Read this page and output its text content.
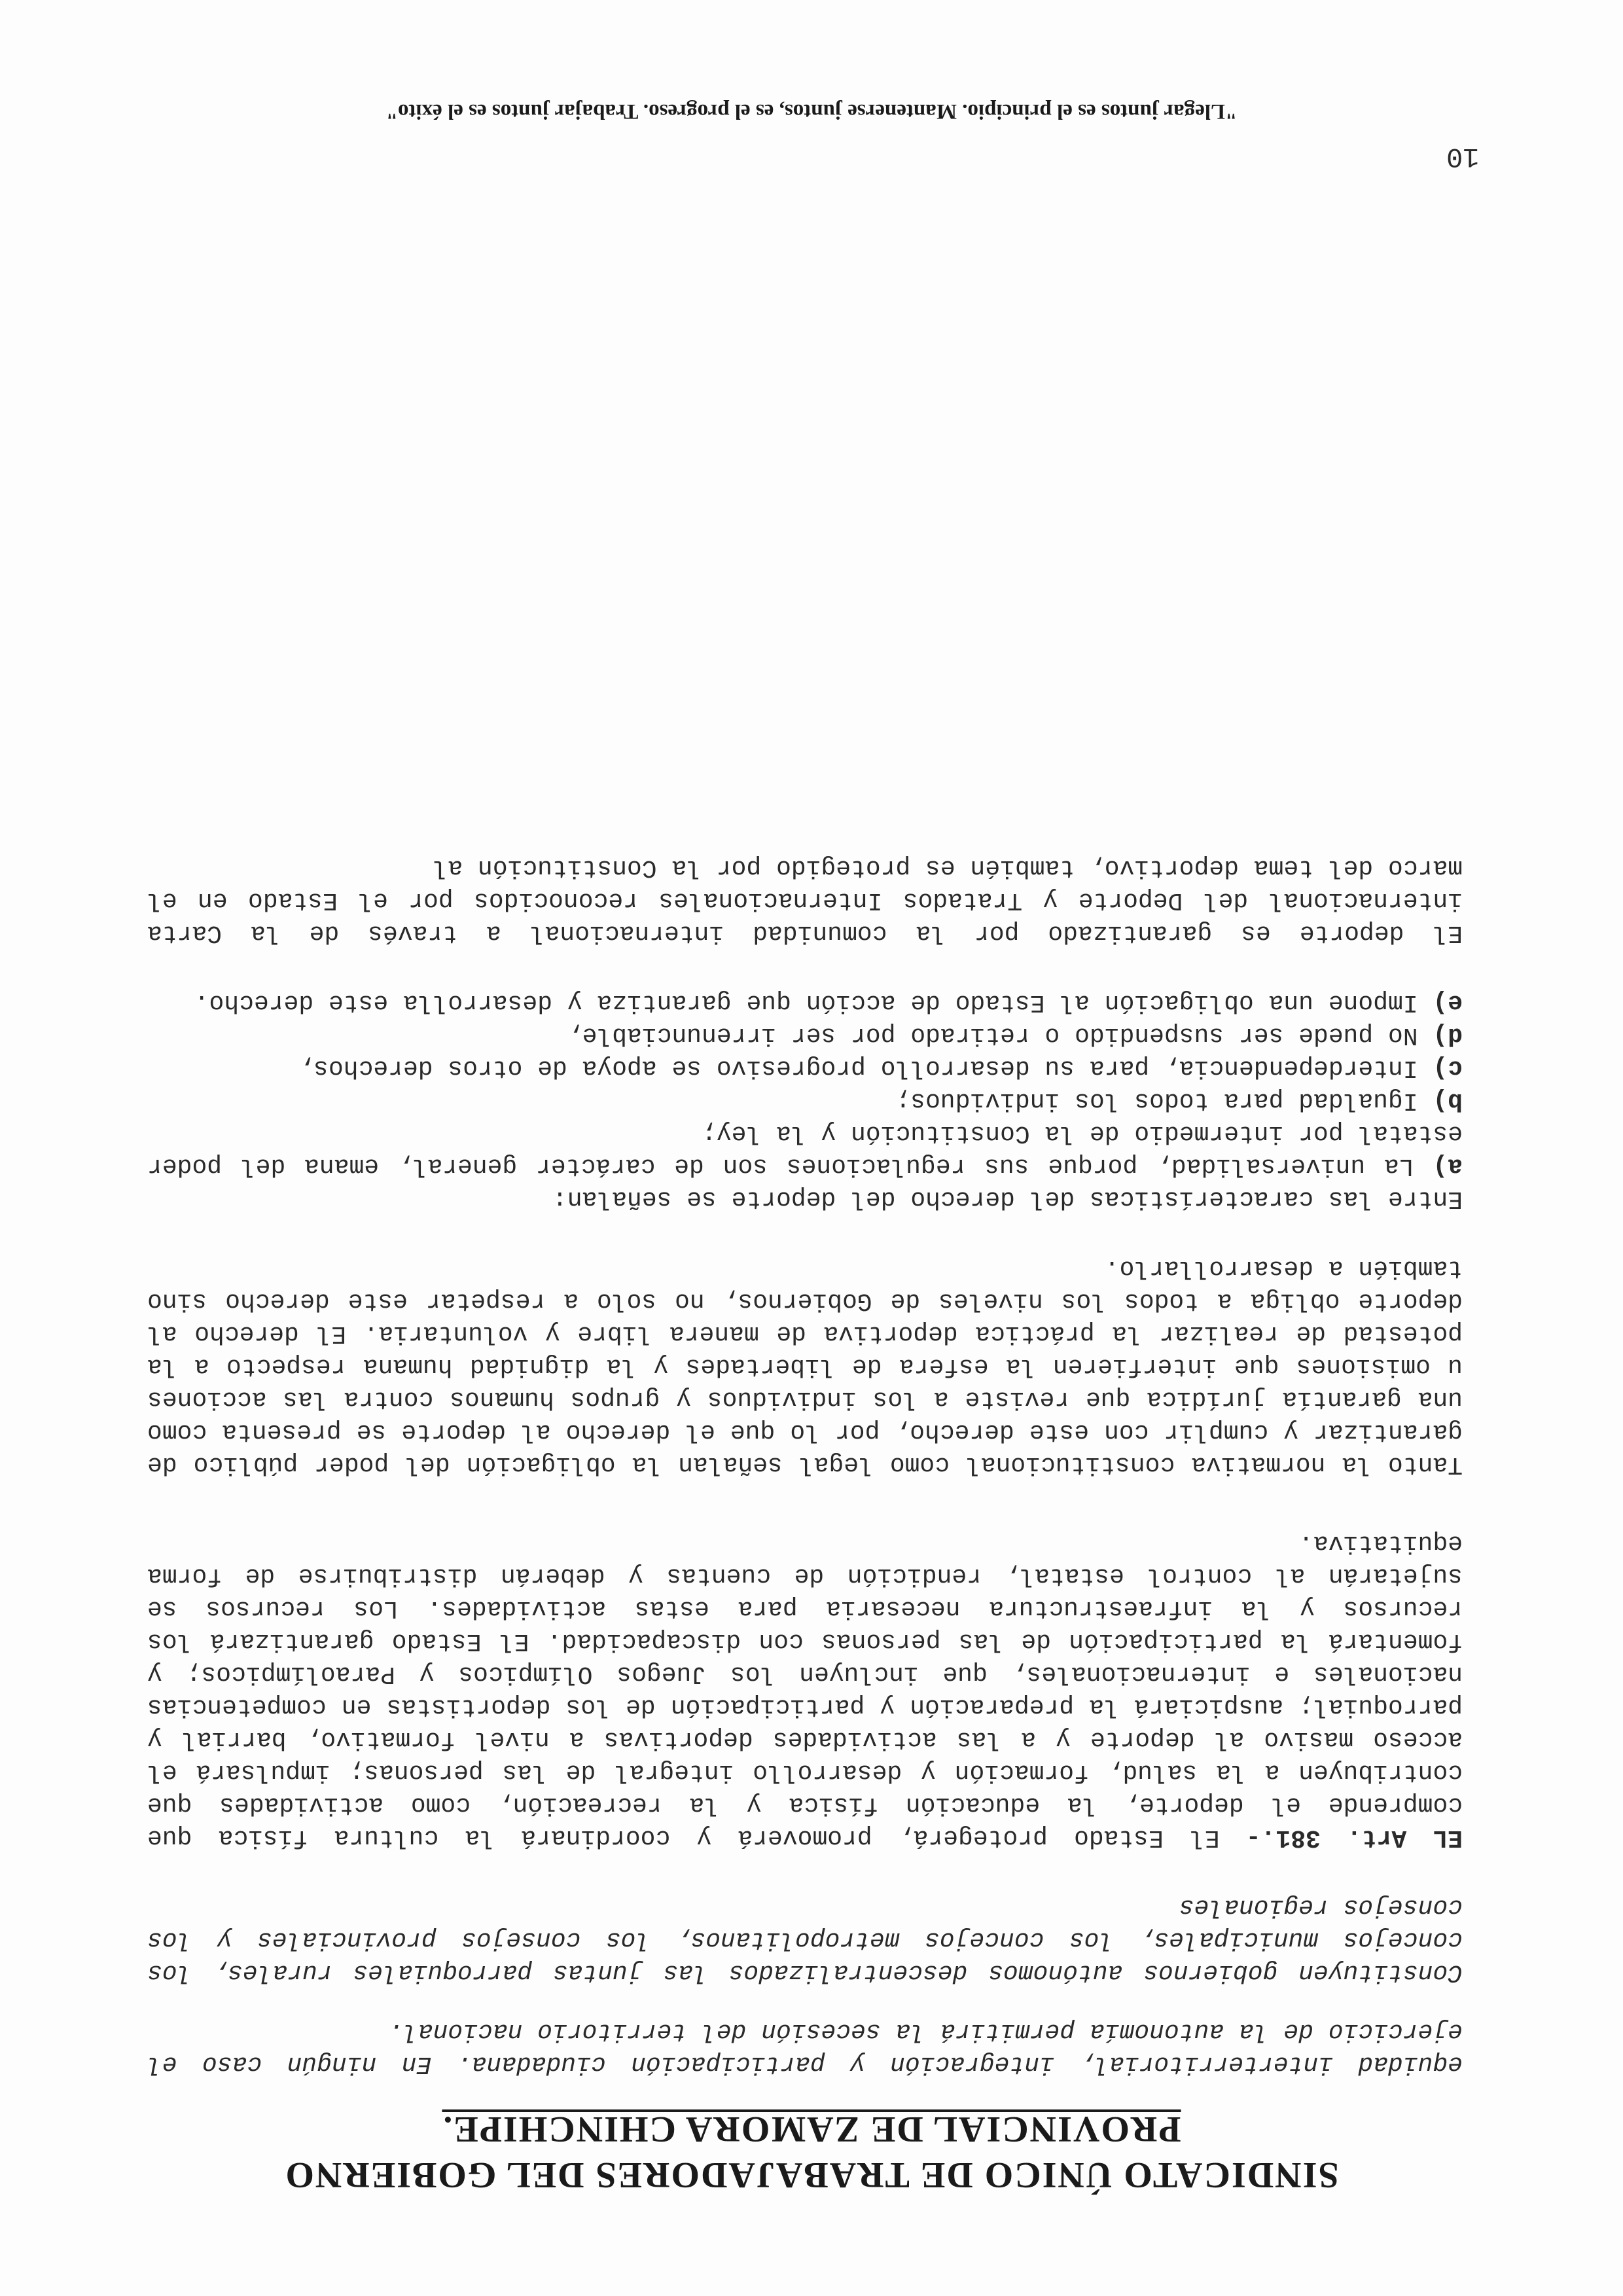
SINDICATO ÚNICO DE TRABAJADORES DEL GOBIERNO
PROVINCIAL DE ZAMORA CHINCHIPE.

equidad interterritorial, integración y participación ciudadana. En ningún caso el ejercicio de la autonomía permitirá la secesión del territorio nacional.

Constituyen gobiernos autónomos descentralizados las juntas parroquiales rurales, los concejos municipales, los concejos metropolitanos, los consejos provinciales y los consejos regionales

EL Art. 381.- El Estado protegerá, promoverá y coordinará la cultura física que comprende el deporte, la educación física y la recreación, como actividades que contribuyen a la salud, formación y desarrollo integral de las personas; impulsará el acceso masivo al deporte y a las actividades deportivas a nivel formativo, barrial y parroquial; auspiciará la preparación y participación de los deportistas en competencias nacionales e internacionales, que incluyen los Juegos Olímpicos y Paraolímpicos; y fomentará la participación de las personas con discapacidad. El Estado garantizará los recursos y la infraestructura necesaria para estas actividades. Los recursos se sujetarán al control estatal, rendición de cuentas y deberán distribuirse de forma equitativa.

Tanto la normativa constitucional como legal señalan la obligación del poder público de garantizar y cumplir con este derecho, por lo que el derecho al deporte se presenta como una garantía jurídica que reviste a los individuos y grupos humanos contra las acciones u omisiones que interfieren la esfera de libertades y la dignidad humana respecto a la potestad de realizar la práctica deportiva de manera libre y voluntaria. El derecho al deporte obliga a todos los niveles de Gobiernos, no solo a respetar este derecho sino también a desarrollarlo.

Entre las características del derecho del deporte se señalan:

a) La universalidad, porque sus regulaciones son de carácter general, emana del poder estatal por intermedio de la Constitución y la ley;
b) Igualdad para todos los individuos;
c) Interdependencia, para su desarrollo progresivo se apoya de otros derechos,
d) No puede ser suspendido o retirado por ser irrenunciable,
e) Impone una obligación al Estado de acción que garantiza y desarrolla este derecho.

El deporte es garantizado por la comunidad internacional a través de la Carta internacional del Deporte y Tratados Internacionales reconocidos por el Estado en el marco del tema deportivo, también es protegido por la Constitución al

10
"Llegar juntos es el principio. Mantenerse juntos, es el progreso. Trabajar juntos es el éxito"
